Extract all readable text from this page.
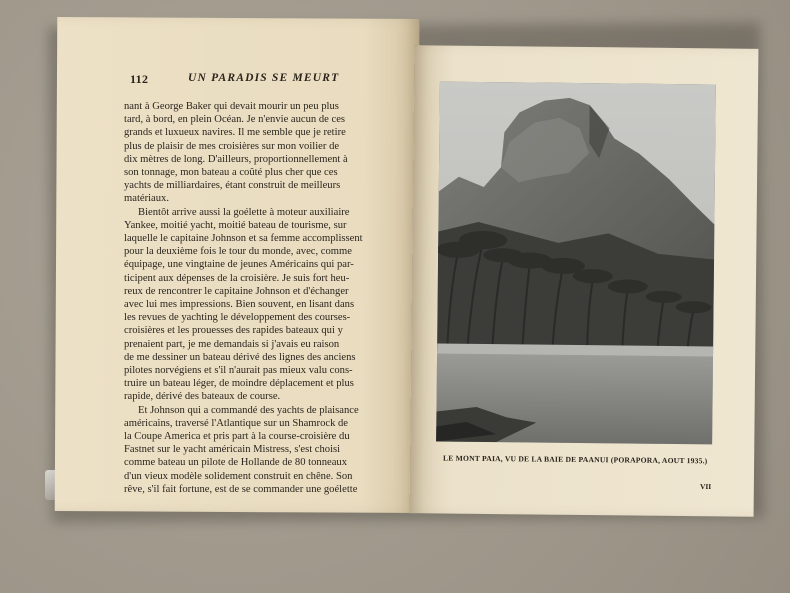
112	UN PARADIS SE MEURT

nant à George Baker qui devait mourir un peu plus

tard, à bord, en plein Océan. Je n'envie aucun de ces

grands et luxueux navires. Il me semble que je retire

plus de plaisir de mes croisières sur mon voilier de

dix mètres de long. D'ailleurs, proportionnellement à

son tonnage, mon bateau a coûté plus cher que ces

yachts de milliardaires, étant construit de meilleurs

matériaux.

Bientôt arrive aussi la goélette à moteur auxiliaire

Yankee, moitié yacht, moitié bateau de tourisme, sur

laquelle le capitaine Johnson et sa femme accomplissent

pour la deuxième fois le tour du monde, avec, comme

équipage, une vingtaine de jeunes Américains qui par-

ticipent aux dépenses de la croisière. Je suis fort heu-

reux de rencontrer le capitaine Johnson et d'échanger

avec lui mes impressions. Bien souvent, en lisant dans

les revues de yachting le développement des courses-

croisières et les prouesses des rapides bateaux qui y

prenaient part, je me demandais si j'avais eu raison

de me dessiner un bateau dérivé des lignes des anciens

pilotes norvégiens et s'il n'aurait pas mieux valu cons-

truire un bateau léger, de moindre déplacement et plus

rapide, dérivé des bateaux de course.

Et Johnson qui a commandé des yachts de plaisance

américains, traversé l'Atlantique sur un Shamrock de

la Coupe America et pris part à la course-croisière du

Fastnet sur le yacht américain Mistress, s'est choisi

comme bateau un pilote de Hollande de 80 tonneaux

d'un vieux modèle solidement construit en chêne. Son

rêve, s'il fait fortune, est de se commander une goélette

LE MONT PAIA, VU DE LA BAIE DE PAANUI (PORAPORA, AOUT 1935.)
VII
